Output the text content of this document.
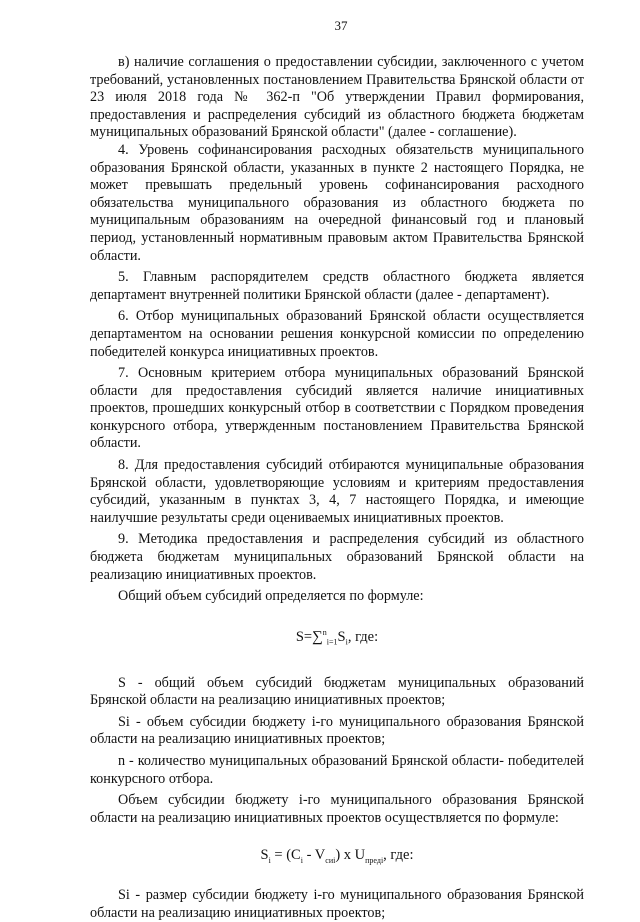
37

в) наличие соглашения о предоставлении субсидии, заключенного с учетом требований, установленных постановлением Правительства Брянской области от 23 июля 2018 года № 362-п "Об утверждении Правил формирования, предоставления и распределения субсидий из областного бюджета бюджетам муниципальных образований Брянской области" (далее - соглашение).

4. Уровень софинансирования расходных обязательств муниципального образования Брянской области, указанных в пункте 2 настоящего Порядка, не может превышать предельный уровень софинансирования расходного обязательства муниципального образования из областного бюджета по муниципальным образованиям на очередной финансовый год и плановый период, установленный нормативным правовым актом Правительства Брянской области.

5. Главным распорядителем средств областного бюджета является департамент внутренней политики Брянской области (далее - департамент).

6. Отбор муниципальных образований Брянской области осуществляется департаментом на основании решения конкурсной комиссии по определению победителей конкурса инициативных проектов.

7. Основным критерием отбора муниципальных образований Брянской области для предоставления субсидий является наличие инициативных проектов, прошедших конкурсный отбор в соответствии с Порядком проведения конкурсного отбора, утвержденным постановлением Правительства Брянской области.

8. Для предоставления субсидий отбираются муниципальные образования Брянской области, удовлетворяющие условиям и критериям предоставления субсидий, указанным в пунктах 3, 4, 7 настоящего Порядка, и имеющие наилучшие результаты среди оцениваемых инициативных проектов.

9. Методика предоставления и распределения субсидий из областного бюджета бюджетам муниципальных образований Брянской области на реализацию инициативных проектов.

Общий объем субсидий определяется по формуле:

$S=\sum^n_{i=1}S_i$, где:

S - общий объем субсидий бюджетам муниципальных образований Брянской области на реализацию инициативных проектов;

Si - объем субсидии бюджету i-го муниципального образования Брянской области на реализацию инициативных проектов;

n - количество муниципальных образований Брянской области- победителей конкурсного отбора.

Объем субсидии бюджету i-го муниципального образования Брянской области на реализацию инициативных проектов осуществляется по формуле:

$S_i = (C_i - V_{сиi})$ x $U_{предi}$, где:

Si - размер субсидии бюджету i-го муниципального образования Брянской области на реализацию инициативных проектов;
